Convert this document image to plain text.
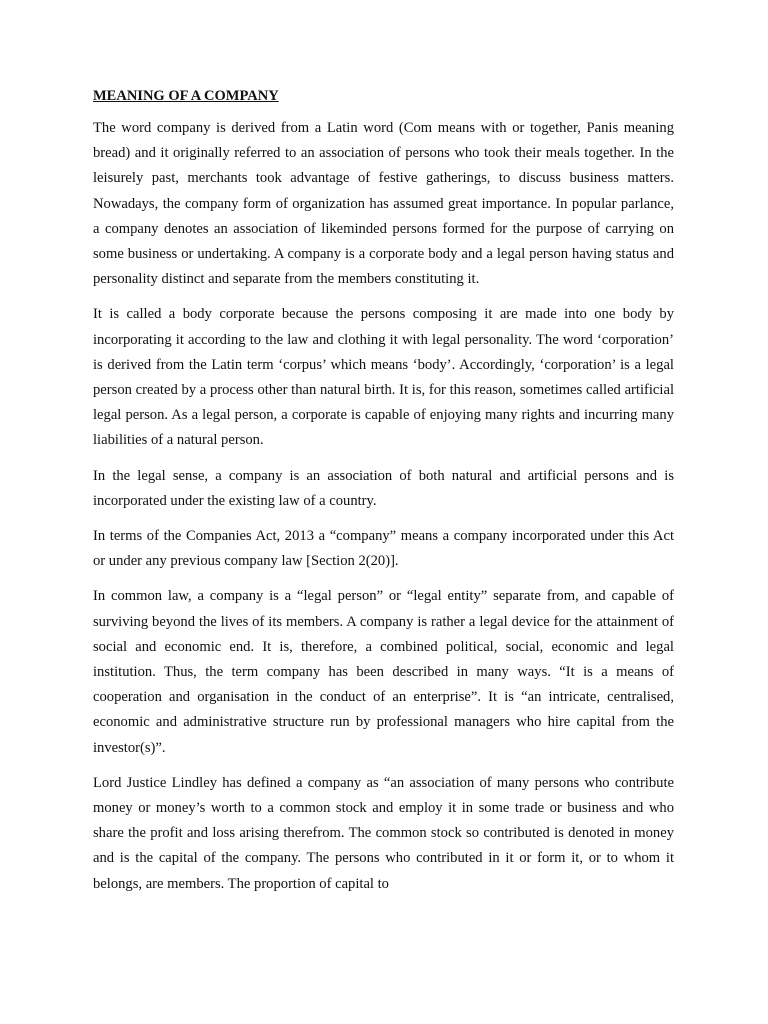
MEANING OF A COMPANY

The word company is derived from a Latin word (Com means with or together, Panis meaning bread) and it originally referred to an association of persons who took their meals together. In the leisurely past, merchants took advantage of festive gatherings, to discuss business matters. Nowadays, the company form of organization has assumed great importance. In popular parlance, a company denotes an association of likeminded persons formed for the purpose of carrying on some business or undertaking. A company is a corporate body and a legal person having status and personality distinct and separate from the members constituting it.

It is called a body corporate because the persons composing it are made into one body by incorporating it according to the law and clothing it with legal personality. The word ‘corporation’ is derived from the Latin term ‘corpus’ which means ‘body’. Accordingly, ‘corporation’ is a legal person created by a process other than natural birth. It is, for this reason, sometimes called artificial legal person. As a legal person, a corporate is capable of enjoying many rights and incurring many liabilities of a natural person.

In the legal sense, a company is an association of both natural and artificial persons and is incorporated under the existing law of a country.

In terms of the Companies Act, 2013 a “company” means a company incorporated under this Act or under any previous company law [Section 2(20)].

In common law, a company is a “legal person” or “legal entity” separate from, and capable of surviving beyond the lives of its members. A company is rather a legal device for the attainment of social and economic end. It is, therefore, a combined political, social, economic and legal institution. Thus, the term company has been described in many ways. “It is a means of cooperation and organisation in the conduct of an enterprise”. It is “an intricate, centralised, economic and administrative structure run by professional managers who hire capital from the investor(s)”.

Lord Justice Lindley has defined a company as “an association of many persons who contribute money or money’s worth to a common stock and employ it in some trade or business and who share the profit and loss arising therefrom. The common stock so contributed is denoted in money and is the capital of the company. The persons who contributed in it or form it, or to whom it belongs, are members. The proportion of capital to
